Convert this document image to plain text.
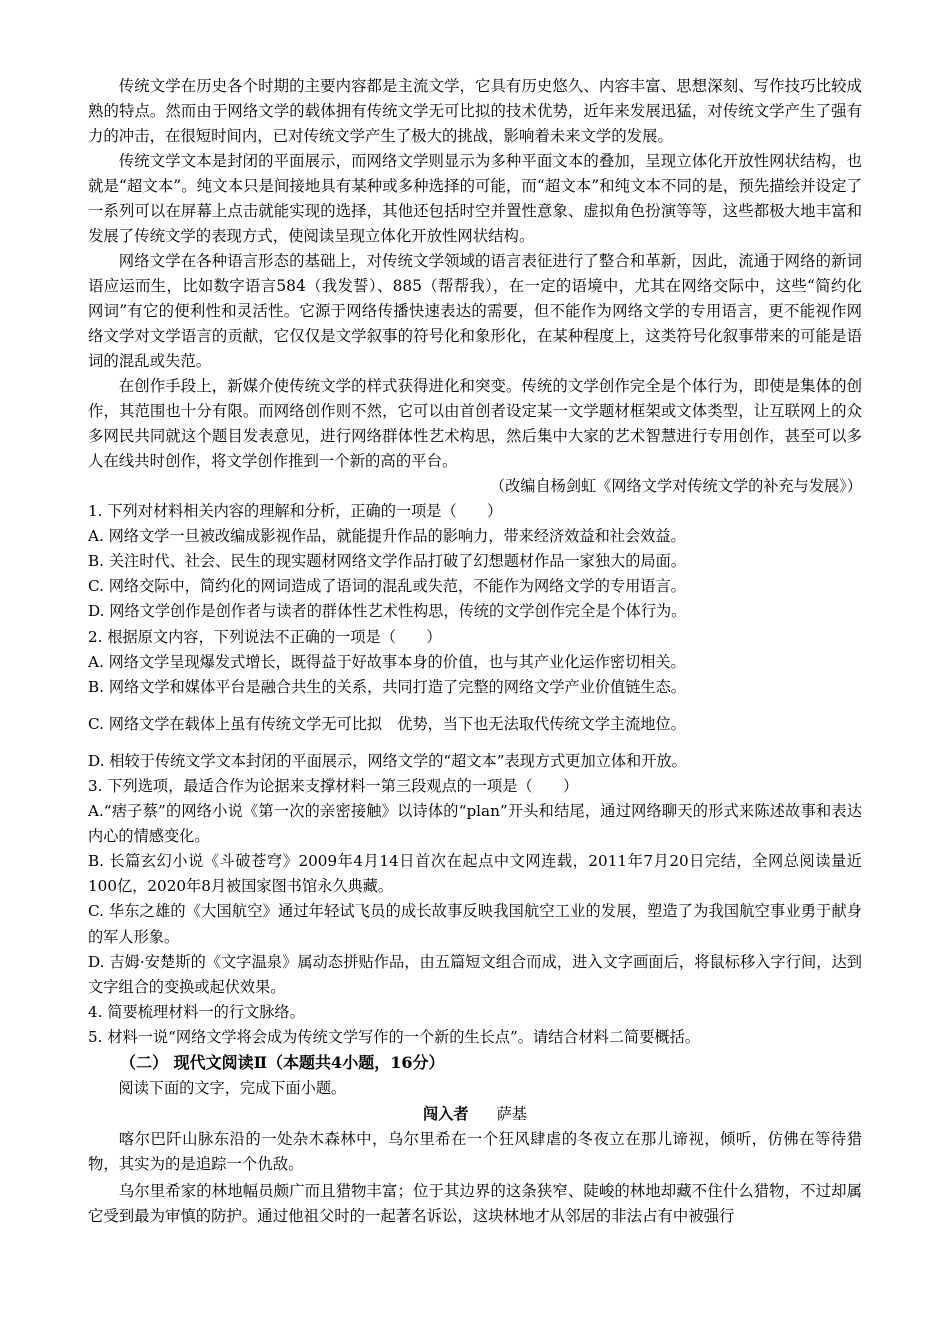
传统文学在历史各个时期的主要内容都是主流文学，它具有历史悠久、内容丰富、思想深刻、写作技巧比较成熟的特点。然而由于网络文学的载体拥有传统文学无可比拟的技术优势，近年来发展迅猛，对传统文学产生了强有力的冲击，在很短时间内，已对传统文学产生了极大的挑战，影响着未来文学的发展。

传统文学文本是封闭的平面展示，而网络文学则显示为多种平面文本的叠加，呈现立体化开放性网状结构，也就是“超文本”。纯文本只是间接地具有某种或多种选择的可能，而“超文本”和纯文本不同的是，预先描绘并设定了一系列可以在屏幕上点击就能实现的选择，其他还包括时空并置性意象、虚拟角色扮演等等，这些都极大地丰富和发展了传统文学的表现方式，使阅读呈现立体化开放性网状结构。

网络文学在各种语言形态的基础上，对传统文学领域的语言表征进行了整合和革新，因此，流通于网络的新词语应运而生，比如数字语言584（我发誓）、885（帮帮我），在一定的语境中，尤其在网络交际中，这些“简约化网词”有它的便利性和灵活性。它源于网络传播快速表达的需要，但不能作为网络文学的专用语言，更不能视作网络文学对文学语言的贡献，它仅仅是文学叙事的符号化和象形化，在某种程度上，这类符号化叙事带来的可能是语词的混乱或失范。

在创作手段上，新媒介使传统文学的样式获得进化和突变。传统的文学创作完全是个体行为，即使是集体的创作，其范围也十分有限。而网络创作则不然，它可以由首创者设定某一文学题材框架或文体类型，让互联网上的众多网民共同就这个题目发表意见，进行网络群体性艺术构思，然后集中大家的艺术智慧进行专用创作，甚至可以多人在线共时创作，将文学创作推到一个新的高的平台。

（改编自杨剑虹《网络文学对传统文学的补充与发展》）

1. 下列对材料相关内容的理解和分析，正确的一项是（　　）

A. 网络文学一旦被改编成影视作品，就能提升作品的影响力，带来经济效益和社会效益。

B. 关注时代、社会、民生的现实题材网络文学作品打破了幻想题材作品一家独大的局面。

C. 网络交际中，简约化的网词造成了语词的混乱或失范，不能作为网络文学的专用语言。

D. 网络文学创作是创作者与读者的群体性艺术性构思，传统的文学创作完全是个体行为。

2. 根据原文内容，下列说法不正确的一项是（　　）

A. 网络文学呈现爆发式增长，既得益于好故事本身的价值，也与其产业化运作密切相关。

B. 网络文学和媒体平台是融合共生的关系，共同打造了完整的网络文学产业价值链生态。

C. 网络文学在载体上虽有传统文学无可比拟　优势，当下也无法取代传统文学主流地位。

D. 相较于传统文学文本封闭的平面展示，网络文学的“超文本”表现方式更加立体和开放。

3. 下列选项，最适合作为论据来支撑材料一第三段观点的一项是（　　）

A.“痞子蔡”的网络小说《第一次的亲密接触》以诗体的“plan”开头和结尾，通过网络聊天的形式来陈述故事和表达内心的情感变化。

B. 长篇玄幻小说《斗破苍穹》2009年4月14日首次在起点中文网连载，2011年7月20日完结，全网总阅读量近100亿，2020年8月被国家图书馆永久典藏。

C. 华东之雄的《大国航空》通过年轻试飞员的成长故事反映我国航空工业的发展，塑造了为我国航空事业勇于献身的军人形象。

D. 吉姆·安楚斯的《文字温泉》属动态拼贴作品，由五篇短文组合而成，进入文字画面后，将鼠标移入字行间，达到文字组合的变换或起伏效果。

4. 简要梳理材料一的行文脉络。

5. 材料一说“网络文学将会成为传统文学写作的一个新的生长点”。请结合材料二简要概括。

（二） 现代文阅读Ⅱ（本题共4小题，16分）

阅读下面的文字，完成下面小题。

闯入者 萨基

喀尔巴阡山脉东沿的一处杂木森林中，乌尔里希在一个狂风肆虐的冬夜立在那儿谛视，倾听，仿佛在等待猎物，其实为的是追踪一个仇敌。

乌尔里希家的林地幅员颇广而且猎物丰富；位于其边界的这条狭窄、陡峻的林地却藏不住什么猎物，不过却属它受到最为审慎的防护。通过他祖父时的一起著名诉讼，这块林地才从邻居的非法占有中被强行
